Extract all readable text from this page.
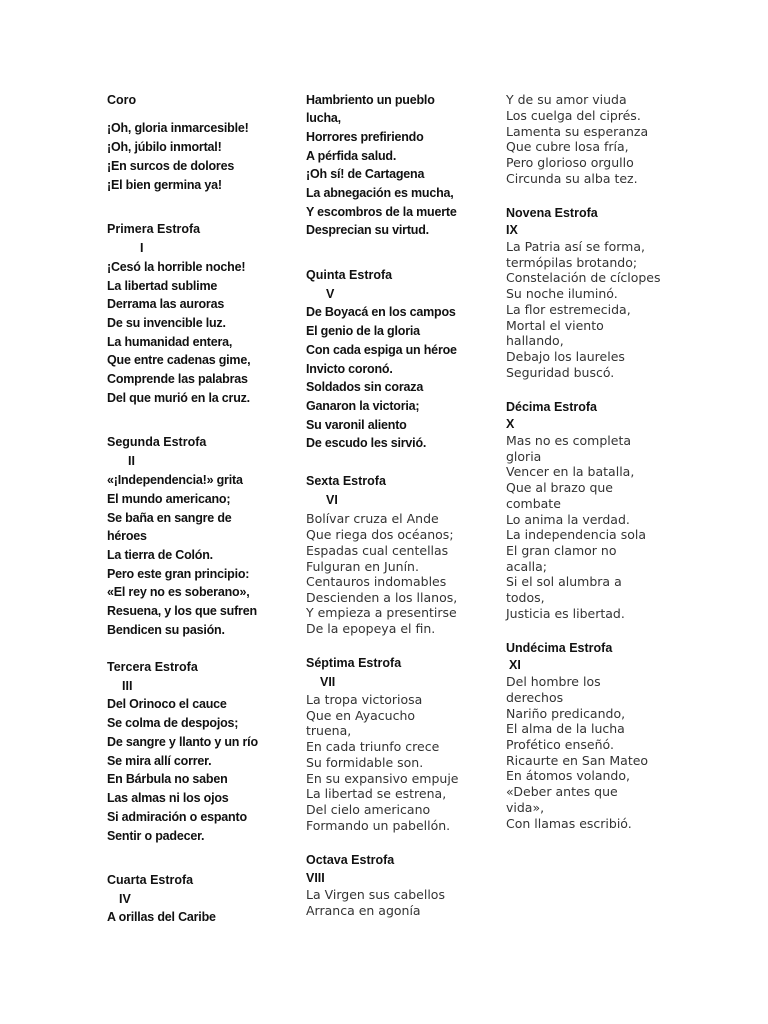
Coro
¡Oh, gloria inmarcesible!
¡Oh, júbilo inmortal!
¡En surcos de dolores
¡El bien germina ya!
Primera Estrofa
I
¡Cesó la horrible noche!
La libertad sublime
Derrama las auroras
De su invencible luz.
La humanidad entera,
Que entre cadenas gime,
Comprende las palabras
Del que murió en la cruz.
Segunda Estrofa
II
«¡Independencia!» grita
El mundo americano;
Se baña en sangre de
héroes
La tierra de Colón.
Pero este gran principio:
«El rey no es soberano»,
Resuena, y los que sufren
Bendicen su pasión.
Tercera Estrofa
III
Del Orinoco el cauce
Se colma de despojos;
De sangre y llanto y un río
Se mira allí correr.
En Bárbula no saben
Las almas ni los ojos
Si admiración o espanto
Sentir o padecer.
Cuarta Estrofa
IV
A orillas del Caribe
Hambriento un pueblo
lucha,
Horrores prefiriendo
A pérfida salud.
¡Oh sí! de Cartagena
La abnegación es mucha,
Y escombros de la muerte
Desprecian su virtud.
Quinta Estrofa
V
De Boyacá en los campos
El genio de la gloria
Con cada espiga un héroe
Invicto coronó.
Soldados sin coraza
Ganaron la victoria;
Su varonil aliento
De escudo les sirvió.
Sexta Estrofa
VI
Bolívar cruza el Ande
Que riega dos océanos;
Espadas cual centellas
Fulguran en Junín.
Centauros indomables
Descienden a los llanos,
Y empieza a presentirse
De la epopeya el fin.
Séptima Estrofa
VII
La tropa victoriosa
Que en Ayacucho
truena,
En cada triunfo crece
Su formidable son.
En su expansivo empuje
La libertad se estrena,
Del cielo americano
Formando un pabellón.
Octava Estrofa
VIII
La Virgen sus cabellos
Arranca en agonía
Y de su amor viuda
Los cuelga del ciprés.
Lamenta su esperanza
Que cubre losa fría,
Pero glorioso orgullo
Circunda su alba tez.
Novena Estrofa
IX
La Patria así se forma,
termópilas brotando;
Constelación de cíclopes
Su noche iluminó.
La flor estremecida,
Mortal el viento
hallando,
Debajo los laureles
Seguridad buscó.
Décima Estrofa
X
Mas no es completa
gloria
Vencer en la batalla,
Que al brazo que
combate
Lo anima la verdad.
La independencia sola
El gran clamor no
acalla;
Si el sol alumbra a
todos,
Justicia es libertad.
Undécima Estrofa
XI
Del hombre los
derechos
Nariño predicando,
El alma de la lucha
Profético enseñó.
Ricaurte en San Mateo
En átomos volando,
«Deber antes que
vida»,
Con llamas escribió.
